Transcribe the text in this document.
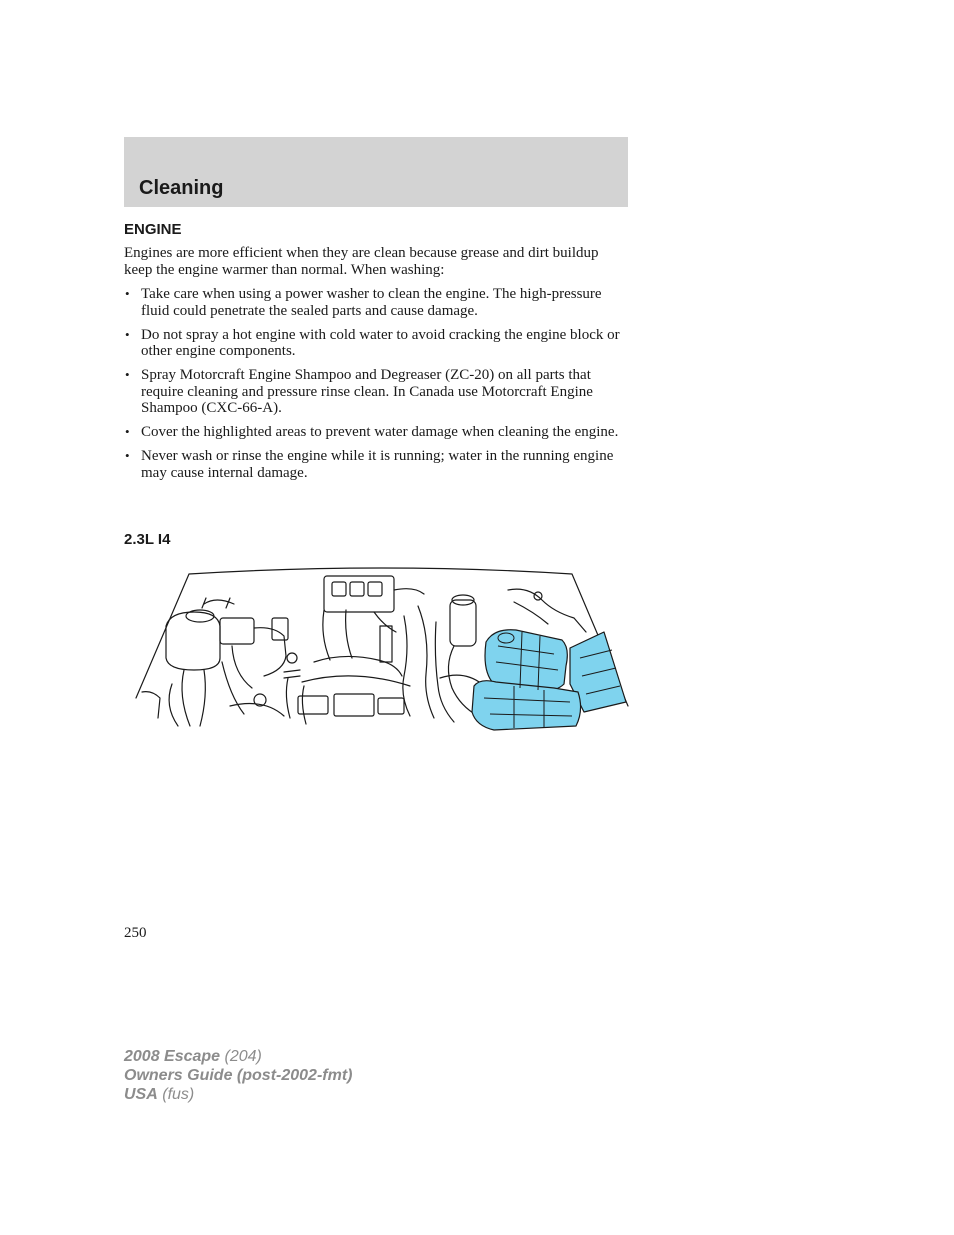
Cleaning
ENGINE

Engines are more efficient when they are clean because grease and dirt buildup keep the engine warmer than normal. When washing:

• Take care when using a power washer to clean the engine. The high-pressure fluid could penetrate the sealed parts and cause damage.
• Do not spray a hot engine with cold water to avoid cracking the engine block or other engine components.
• Spray Motorcraft Engine Shampoo and Degreaser (ZC-20) on all parts that require cleaning and pressure rinse clean. In Canada use Motorcraft Engine Shampoo (CXC-66-A).
• Cover the highlighted areas to prevent water damage when cleaning the engine.
• Never wash or rinse the engine while it is running; water in the running engine may cause internal damage.
2.3L I4

250

2008 Escape (204)
Owners Guide (post-2002-fmt)
USA (fus)
